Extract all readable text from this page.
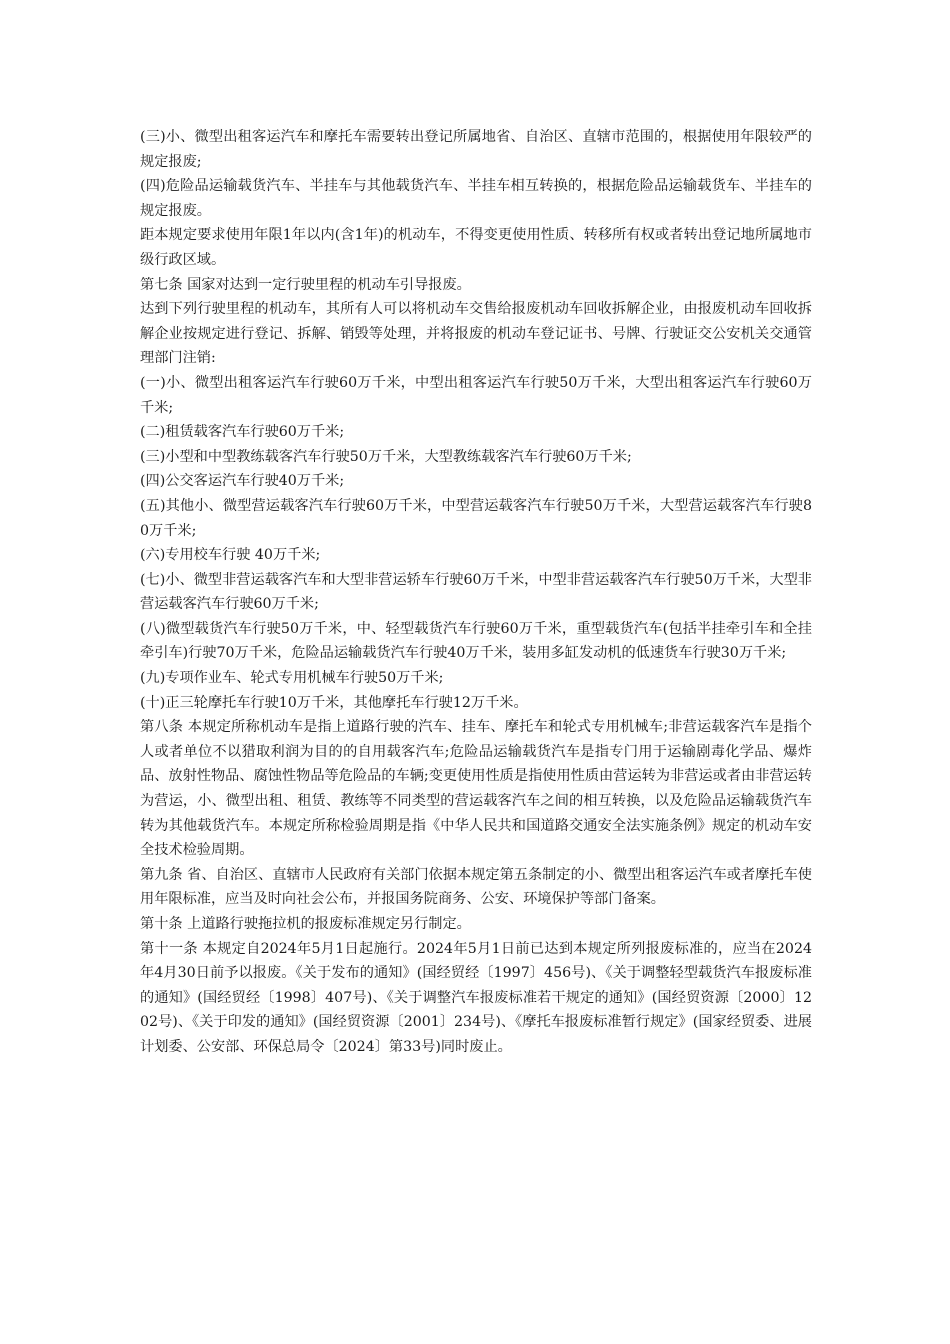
(三)小、微型出租客运汽车和摩托车需要转出登记所属地省、自治区、直辖市范围的，根据使用年限较严的规定报废;

(四)危险品运输载货汽车、半挂车与其他载货汽车、半挂车相互转换的，根据危险品运输载货车、半挂车的规定报废。

距本规定要求使用年限1年以内(含1年)的机动车，不得变更使用性质、转移所有权或者转出登记地所属地市级行政区域。

第七条 国家对达到一定行驶里程的机动车引导报废。

达到下列行驶里程的机动车，其所有人可以将机动车交售给报废机动车回收拆解企业，由报废机动车回收拆解企业按规定进行登记、拆解、销毁等处理，并将报废的机动车登记证书、号牌、行驶证交公安机关交通管理部门注销:

(一)小、微型出租客运汽车行驶60万千米，中型出租客运汽车行驶50万千米，大型出租客运汽车行驶60万千米;

(二)租赁载客汽车行驶60万千米;

(三)小型和中型教练载客汽车行驶50万千米，大型教练载客汽车行驶60万千米;

(四)公交客运汽车行驶40万千米;

(五)其他小、微型营运载客汽车行驶60万千米，中型营运载客汽车行驶50万千米，大型营运载客汽车行驶80万千米;

(六)专用校车行驶 40万千米;

(七)小、微型非营运载客汽车和大型非营运轿车行驶60万千米，中型非营运载客汽车行驶50万千米，大型非营运载客汽车行驶60万千米;

(八)微型载货汽车行驶50万千米，中、轻型载货汽车行驶60万千米，重型载货汽车(包括半挂牵引车和全挂牵引车)行驶70万千米，危险品运输载货汽车行驶40万千米，装用多缸发动机的低速货车行驶30万千米;

(九)专项作业车、轮式专用机械车行驶50万千米;

(十)正三轮摩托车行驶10万千米，其他摩托车行驶12万千米。

第八条 本规定所称机动车是指上道路行驶的汽车、挂车、摩托车和轮式专用机械车;非营运载客汽车是指个人或者单位不以猎取利润为目的的自用载客汽车;危险品运输载货汽车是指专门用于运输剧毒化学品、爆炸品、放射性物品、腐蚀性物品等危险品的车辆;变更使用性质是指使用性质由营运转为非营运或者由非营运转为营运，小、微型出租、租赁、教练等不同类型的营运载客汽车之间的相互转换，以及危险品运输载货汽车转为其他载货汽车。本规定所称检验周期是指《中华人民共和国道路交通安全法实施条例》规定的机动车安全技术检验周期。

第九条 省、自治区、直辖市人民政府有关部门依据本规定第五条制定的小、微型出租客运汽车或者摩托车使用年限标准，应当及时向社会公布，并报国务院商务、公安、环境保护等部门备案。

第十条 上道路行驶拖拉机的报废标准规定另行制定。

第十一条 本规定自2024年5月1日起施行。2024年5月1日前已达到本规定所列报废标准的，应当在2024年4月30日前予以报废。《关于发布的通知》(国经贸经〔1997〕456号)、《关于调整轻型载货汽车报废标准的通知》(国经贸经〔1998〕407号)、《关于调整汽车报废标准若干规定的通知》(国经贸资源〔2000〕1202号)、《关于印发的通知》(国经贸资源〔2001〕234号)、《摩托车报废标准暂行规定》(国家经贸委、进展计划委、公安部、环保总局令〔2024〕第33号)同时废止。
